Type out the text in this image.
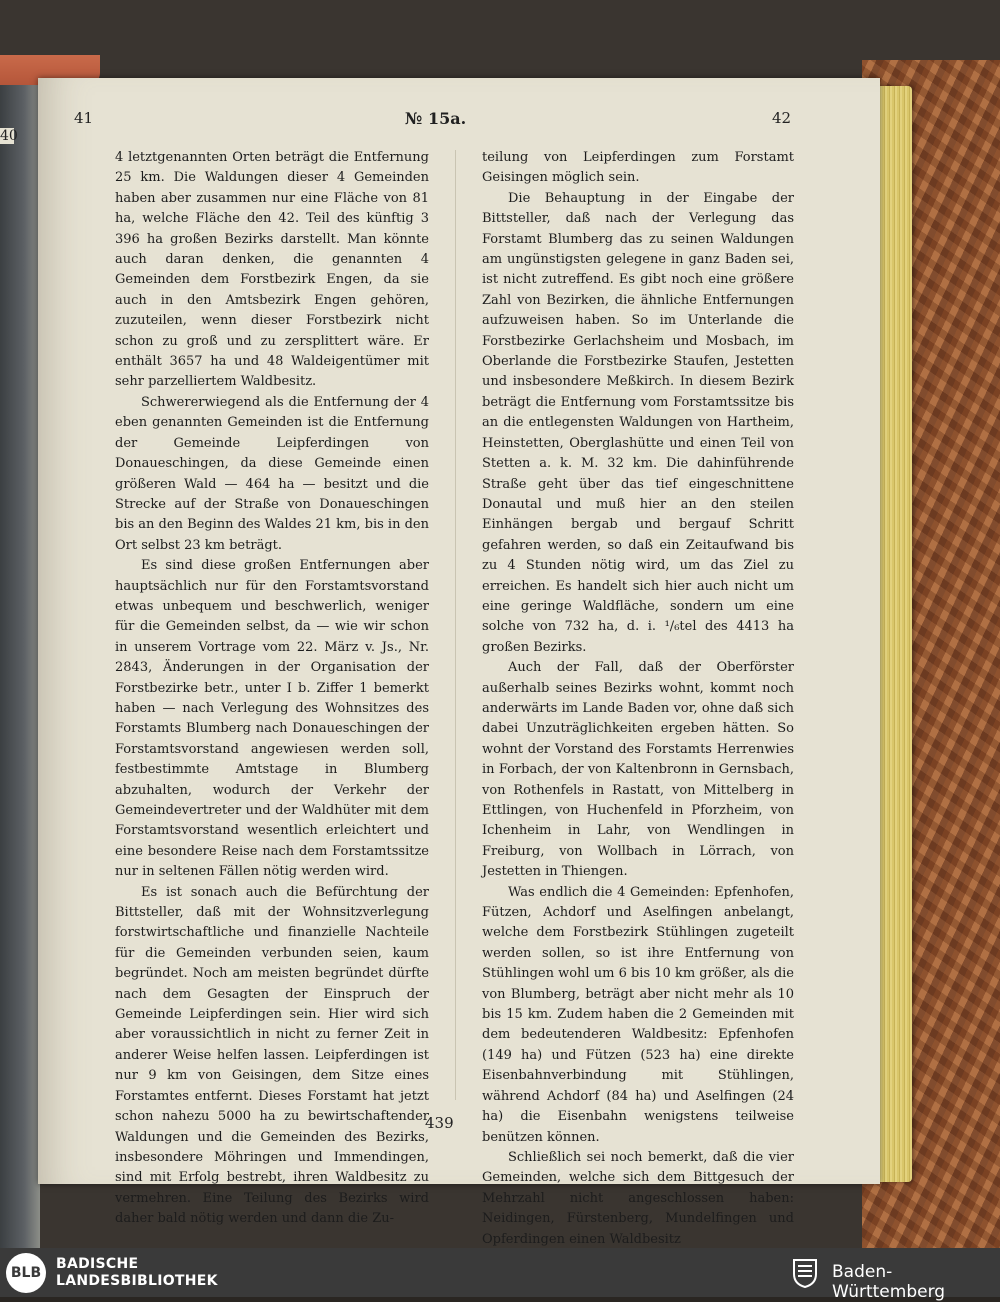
40
41	№ 15a.	42

4 letztgenannten Orten beträgt die Entfernung 25 km. Die Waldungen dieser 4 Gemeinden haben aber zusammen nur eine Fläche von 81 ha, welche Fläche den 42. Teil des künftig 3 396 ha großen Bezirks darstellt. Man könnte auch daran denken, die genannten 4 Gemeinden dem Forstbezirk Engen, da sie auch in den Amtsbezirk Engen gehören, zuzuteilen, wenn dieser Forstbezirk nicht schon zu groß und zu zersplittert wäre. Er enthält 3657 ha und 48 Waldeigentümer mit sehr parzelliertem Waldbesitz.

Schwererwiegend als die Entfernung der 4 eben genannten Gemeinden ist die Entfernung der Gemeinde Leipferdingen von Donaueschingen, da diese Gemeinde einen größeren Wald — 464 ha — besitzt und die Strecke auf der Straße von Donaueschingen bis an den Beginn des Waldes 21 km, bis in den Ort selbst 23 km beträgt.

Es sind diese großen Entfernungen aber hauptsächlich nur für den Forstamtsvorstand etwas unbequem und beschwerlich, weniger für die Gemeinden selbst, da — wie wir schon in unserem Vortrage vom 22. März v. Js., Nr. 2843, Änderungen in der Organisation der Forstbezirke betr., unter I b. Ziffer 1 bemerkt haben — nach Verlegung des Wohnsitzes des Forstamts Blumberg nach Donaueschingen der Forstamtsvorstand angewiesen werden soll, festbestimmte Amtstage in Blumberg abzuhalten, wodurch der Verkehr der Gemeindevertreter und der Waldhüter mit dem Forstamtsvorstand wesentlich erleichtert und eine besondere Reise nach dem Forstamtssitze nur in seltenen Fällen nötig werden wird.

Es ist sonach auch die Befürchtung der Bittsteller, daß mit der Wohnsitzverlegung forstwirtschaftliche und finanzielle Nachteile für die Gemeinden verbunden seien, kaum begründet. Noch am meisten begründet dürfte nach dem Gesagten der Einspruch der Gemeinde Leipferdingen sein. Hier wird sich aber voraussichtlich in nicht zu ferner Zeit in anderer Weise helfen lassen. Leipferdingen ist nur 9 km von Geisingen, dem Sitze eines Forstamtes entfernt. Dieses Forstamt hat jetzt schon nahezu 5000 ha zu bewirtschaftender Waldungen und die Gemeinden des Bezirks, insbesondere Möhringen und Immendingen, sind mit Erfolg bestrebt, ihren Waldbesitz zu vermehren. Eine Teilung des Bezirks wird daher bald nötig werden und dann die Zu-

teilung von Leipferdingen zum Forstamt Geisingen möglich sein.

Die Behauptung in der Eingabe der Bittsteller, daß nach der Verlegung das Forstamt Blumberg das zu seinen Waldungen am ungünstigsten gelegene in ganz Baden sei, ist nicht zutreffend. Es gibt noch eine größere Zahl von Bezirken, die ähnliche Entfernungen aufzuweisen haben. So im Unterlande die Forstbezirke Gerlachsheim und Mosbach, im Oberlande die Forstbezirke Staufen, Jestetten und insbesondere Meßkirch. In diesem Bezirk beträgt die Entfernung vom Forstamtssitze bis an die entlegensten Waldungen von Hartheim, Heinstetten, Oberglashütte und einen Teil von Stetten a. k. M. 32 km. Die dahinführende Straße geht über das tief eingeschnittene Donautal und muß hier an den steilen Einhängen bergab und bergauf Schritt gefahren werden, so daß ein Zeitaufwand bis zu 4 Stunden nötig wird, um das Ziel zu erreichen. Es handelt sich hier auch nicht um eine geringe Waldfläche, sondern um eine solche von 732 ha, d. i. ¹/₆tel des 4413 ha großen Bezirks.

Auch der Fall, daß der Oberförster außerhalb seines Bezirks wohnt, kommt noch anderwärts im Lande Baden vor, ohne daß sich dabei Unzuträglichkeiten ergeben hätten. So wohnt der Vorstand des Forstamts Herrenwies in Forbach, der von Kaltenbronn in Gernsbach, von Rothenfels in Rastatt, von Mittelberg in Ettlingen, von Huchenfeld in Pforzheim, von Ichenheim in Lahr, von Wendlingen in Freiburg, von Wollbach in Lörrach, von Jestetten in Thiengen.

Was endlich die 4 Gemeinden: Epfenhofen, Fützen, Achdorf und Aselfingen anbelangt, welche dem Forstbezirk Stühlingen zugeteilt werden sollen, so ist ihre Entfernung von Stühlingen wohl um 6 bis 10 km größer, als die von Blumberg, beträgt aber nicht mehr als 10 bis 15 km. Zudem haben die 2 Gemeinden mit dem bedeutenderen Waldbesitz: Epfenhofen (149 ha) und Fützen (523 ha) eine direkte Eisenbahnverbindung mit Stühlingen, während Achdorf (84 ha) und Aselfingen (24 ha) die Eisenbahn wenigstens teilweise benützen können.

Schließlich sei noch bemerkt, daß die vier Gemeinden, welche sich dem Bittgesuch der Mehrzahl nicht angeschlossen haben: Neidingen, Fürstenberg, Mundelfingen und Opferdingen einen Waldbesitz

439
BLB
BADISCHE
LANDESBIBLIOTHEK	Baden-Württemberg
